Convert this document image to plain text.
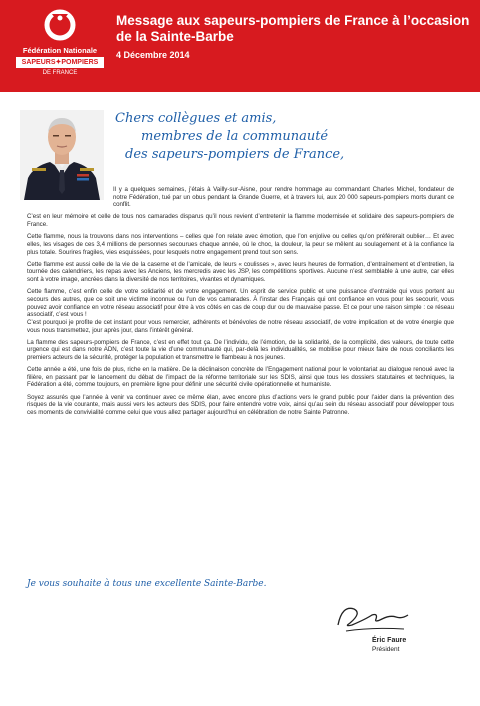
Fédération Nationale
SAPEURS✦POMPIERS
DE FRANCE
Message aux sapeurs-pompiers de France à l’occasion de la Sainte-Barbe
4 Décembre 2014
Chers collègues et amis,
membres de la communauté
des sapeurs-pompiers de France,

Il y a quelques semaines, j’étais à Vailly-sur-Aisne, pour rendre hommage au commandant Charles Michel, fondateur de notre Fédération, tué par un obus pendant la Grande Guerre, et à travers lui, aux 20 000 sapeurs-pompiers morts durant ce conflit.

C’est en leur mémoire et celle de tous nos camarades disparus qu’il nous revient d’entretenir la flamme modernisée et solidaire des sapeurs-pompiers de France.

Cette flamme, nous la trouvons dans nos interventions – celles que l’on relate avec émotion, que l’on enjolive ou celles qu’on préférerait oublier… Et avec elles, les visages de ces 3,4 millions de personnes secourues chaque année, où le choc, la douleur, la peur se mêlent au soulagement et à la confiance la plus totale. Sourires fragiles, vies esquissées, pour lesquels notre engagement prend tout son sens.

Cette flamme est aussi celle de la vie de la caserne et de l’amicale, de leurs « coulisses », avec leurs heures de formation, d’entraînement et d’entretien, la tournée des calendriers, les repas avec les Anciens, les mercredis avec les JSP, les compétitions sportives. Aucune n’est semblable à une autre, car elles sont à votre image, ancrées dans la diversité de nos territoires, vivantes et dynamiques.

Cette flamme, c’est enfin celle de votre solidarité et de votre engagement. Un esprit de service public et une puissance d’entraide qui vous portent au secours des autres, que ce soit une victime inconnue ou l’un de vos camarades. À l’instar des Français qui ont confiance en vous pour les secourir, vous pouvez avoir confiance en votre réseau associatif pour être à vos côtés en cas de coup dur ou de mauvaise passe. Et ce pour une raison simple : ce réseau associatif, c’est vous !

C’est pourquoi je profite de cet instant pour vous remercier, adhérents et bénévoles de notre réseau associatif, de votre implication et de votre énergie que vous nous transmettez, jour après jour, dans l’intérêt général.

La flamme des sapeurs-pompiers de France, c’est en effet tout ça. De l’individu, de l’émotion, de la solidarité, de la complicité, des valeurs, de toute cette urgence qui est dans notre ADN, c’est toute la vie d’une communauté qui, par-delà les individualités, se mobilise pour mieux faire de nous conciliants les premiers acteurs de la sécurité, protéger la population et transmettre le flambeau à nos jeunes.

Cette année a été, une fois de plus, riche en la matière. De la déclinaison concrète de l’Engagement national pour le volontariat au dialogue renoué avec la filière, en passant par le lancement du débat de l’impact de la réforme territoriale sur les SDIS, ainsi que tous les dossiers statutaires et techniques, la Fédération a été, comme toujours, en première ligne pour définir une sécurité civile opérationnelle et humaniste.

Soyez assurés que l’année à venir va continuer avec ce même élan, avec encore plus d’actions vers le grand public pour l’aider dans la prévention des risques de la vie courante, mais aussi vers les acteurs des SDIS, pour faire entendre votre voix, ainsi qu’au sein du réseau associatif pour développer tous ces moments de convivialité comme celui que vous allez partager aujourd’hui en célébration de notre Sainte Patronne.

Je vous souhaite à tous une excellente Sainte-Barbe.
Éric Faure
Président
